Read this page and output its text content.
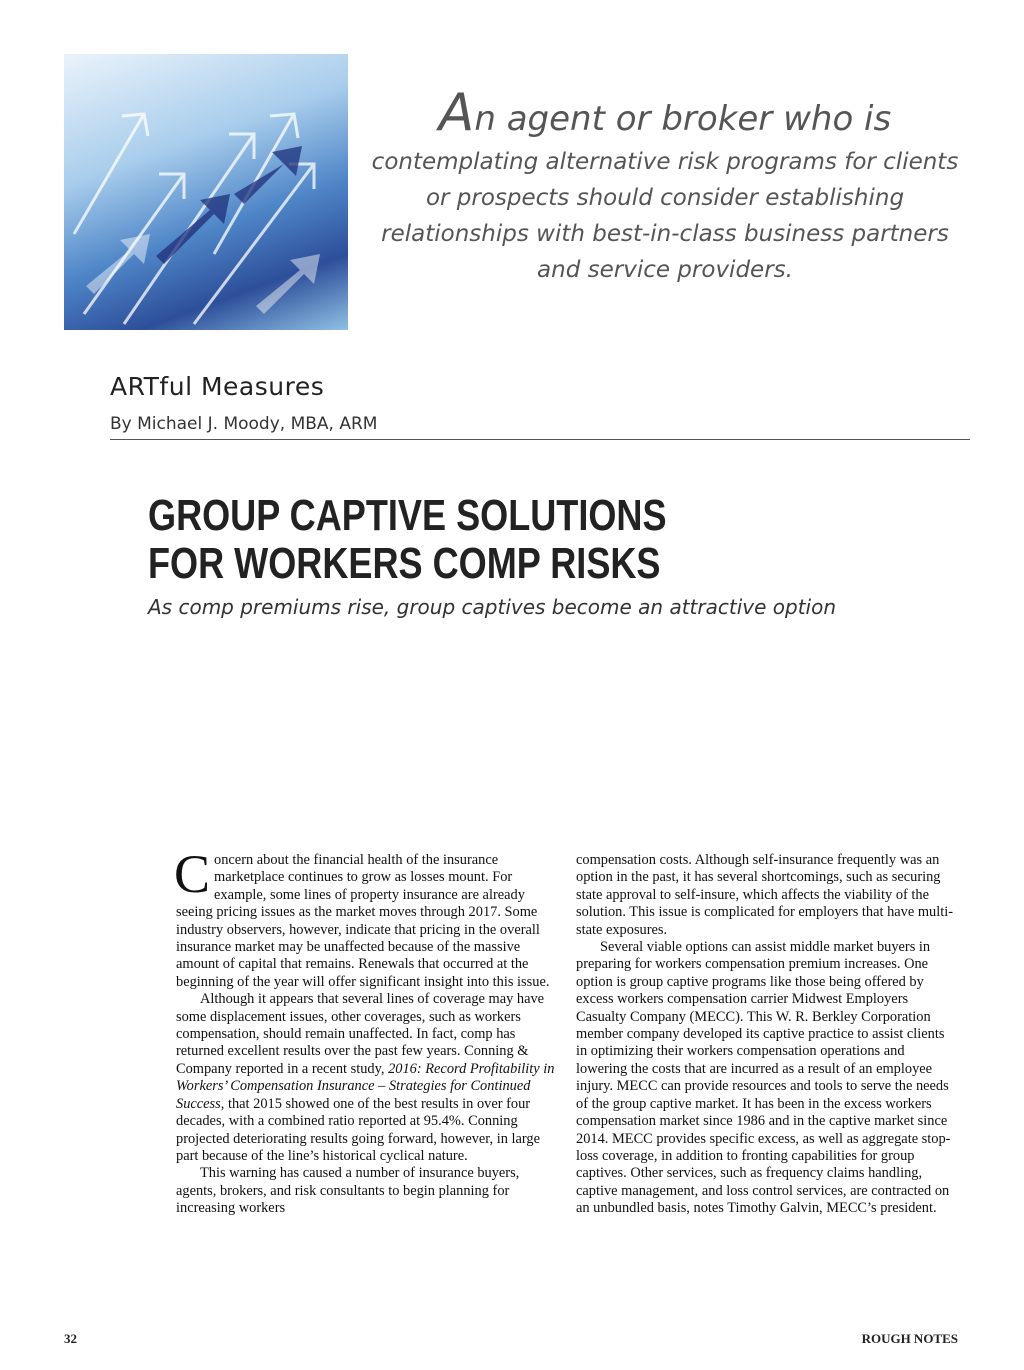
An agent or broker who is
contemplating alternative risk programs for clients or prospects should consider establishing relationships with best-in-class business partners and service providers.
ARTful Measures
By Michael J. Moody, MBA, ARM
GROUP CAPTIVE SOLUTIONS
FOR WORKERS COMP RISKS
As comp premiums rise, group captives become an attractive option

Concern about the financial health of the insurance marketplace continues to grow as losses mount. For example, some lines of property insurance are already seeing pricing issues as the market moves through 2017. Some industry observers, however, indicate that pricing in the overall insurance market may be unaffected because of the massive amount of capital that remains. Renewals that occurred at the beginning of the year will offer significant insight into this issue.

Although it appears that several lines of coverage may have some displacement issues, other coverages, such as workers compensation, should remain unaffected. In fact, comp has returned excellent results over the past few years. Conning & Company reported in a recent study, 2016: Record Profitability in Workers’ Compensation Insurance – Strategies for Continued Success, that 2015 showed one of the best results in over four decades, with a combined ratio reported at 95.4%. Conning projected deteriorating results going forward, however, in large part because of the line’s historical cyclical nature.

This warning has caused a number of insurance buyers, agents, brokers, and risk consultants to begin planning for increasing workers

compensation costs. Although self-insurance frequently was an option in the past, it has several shortcomings, such as securing state approval to self-insure, which affects the viability of the solution. This issue is complicated for employers that have multi-state exposures.

Several viable options can assist middle market buyers in preparing for workers compensation premium increases. One option is group captive programs like those being offered by excess workers compensation carrier Midwest Employers Casualty Company (MECC). This W. R. Berkley Corporation member company developed its captive practice to assist clients in optimizing their workers compensation operations and lowering the costs that are incurred as a result of an employee injury. MECC can provide resources and tools to serve the needs of the group captive market. It has been in the excess workers compensation market since 1986 and in the captive market since 2014. MECC provides specific excess, as well as aggregate stop-loss coverage, in addition to fronting capabilities for group captives. Other services, such as frequency claims handling, captive management, and loss control services, are contracted on an unbundled basis, notes Timothy Galvin, MECC’s president.

32	ROUGH NOTES
